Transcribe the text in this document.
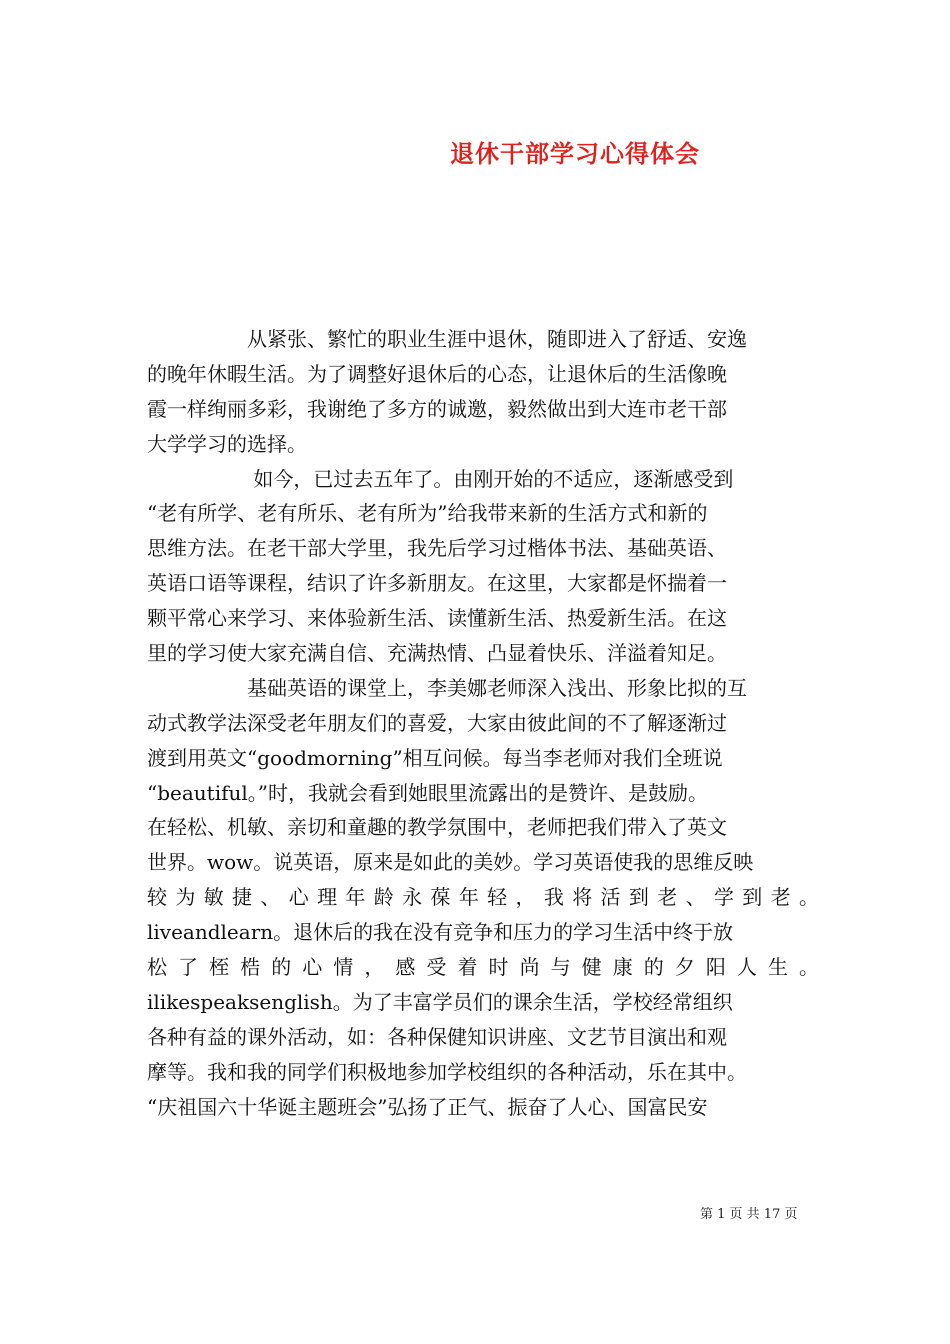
退休干部学习心得体会
　　　　　从紧张、繁忙的职业生涯中退休，随即进入了舒适、安逸
的晚年休暇生活。为了调整好退休后的心态，让退休后的生活像晚
霞一样绚丽多彩，我谢绝了多方的诚邀，毅然做出到大连市老干部
大学学习的选择。
　　　　　 如今，已过去五年了。由刚开始的不适应，逐渐感受到
“老有所学、老有所乐、老有所为”给我带来新的生活方式和新的
思维方法。在老干部大学里，我先后学习过楷体书法、基础英语、
英语口语等课程，结识了许多新朋友。在这里，大家都是怀揣着一
颗平常心来学习、来体验新生活、读懂新生活、热爱新生活。在这
里的学习使大家充满自信、充满热情、凸显着快乐、洋溢着知足。
　　　　　基础英语的课堂上，李美娜老师深入浅出、形象比拟的互
动式教学法深受老年朋友们的喜爱，大家由彼此间的不了解逐渐过
渡到用英文“goodmorning”相互问候。每当李老师对我们全班说
“beautiful。”时，我就会看到她眼里流露出的是赞许、是鼓励。
在轻松、机敏、亲切和童趣的教学氛围中，老师把我们带入了英文
世界。wow。说英语，原来是如此的美妙。学习英语使我的思维反映
较 为 敏 捷 、 心 理 年 龄 永 葆 年 轻 ， 我 将 活 到 老 、 学 到 老 。
liveandlearn。退休后的我在没有竞争和压力的学习生活中终于放
松 了 桎 梏 的 心 情 ， 感 受 着 时 尚 与 健 康 的 夕 阳 人 生 。
ilikespeaksenglish。为了丰富学员们的课余生活，学校经常组织
各种有益的课外活动，如：各种保健知识讲座、文艺节目演出和观
摩等。我和我的同学们积极地参加学校组织的各种活动，乐在其中。
“庆祖国六十华诞主题班会”弘扬了正气、振奋了人心、国富民安
第 1 页 共 17 页
